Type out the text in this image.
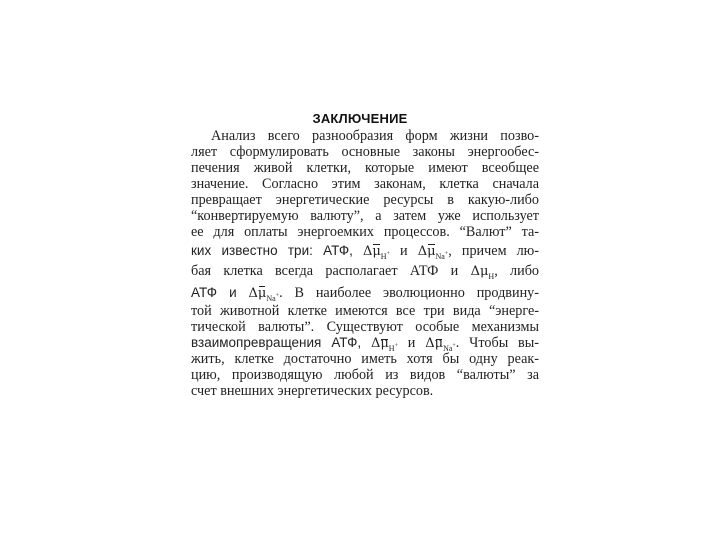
ЗАКЛЮЧЕНИЕ
Анализ всего разнообразия форм жизни позво-
ляет сформулировать основные законы энергообес-
печения живой клетки, которые имеют всеобщее
значение. Согласно этим законам, клетка сначала
превращает энергетические ресурсы в какую-либо
“конвертируемую валюту”, а затем уже использует
ее для оплаты энергоемких процессов. “Валют” та-
ких известно три: АТФ, Δμ
$_{H^+}$ и Δμ
$_{Na^+}$, причем лю-
бая клетка всегда располагает АТФ и $\Delta\mu_H$, либо
АТФ и Δμ
$_{Na^+}$. В наиболее эволюционно продвину-
той животной клетке имеются все три вида “энерге-
тической валюты”. Существуют особые механизмы
взаимопревращения АТФ, Δμ
$_{H^+}$ и Δμ
$_{Na^+}$. Чтобы вы-
жить, клетке достаточно иметь хотя бы одну реак-
цию, производящую любой из видов “валюты” за
счет внешних энергетических ресурсов.
